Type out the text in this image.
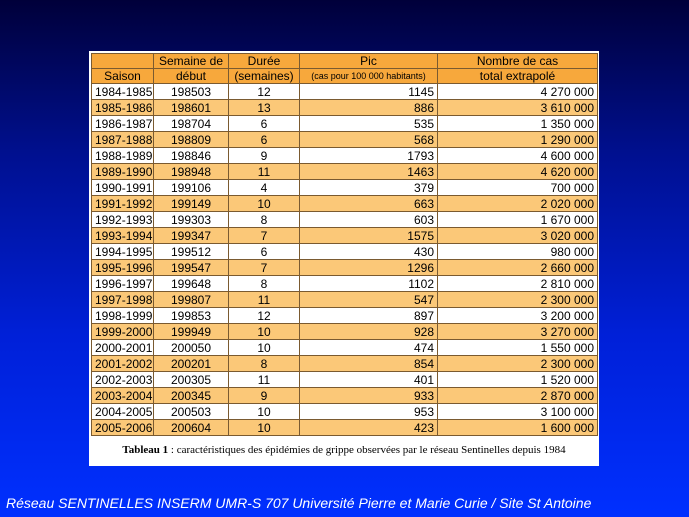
	Semaine de	Durée	Pic	Nombre de cas
Saison	début	(semaines)	(cas pour 100 000 habitants)	total extrapolé
1984-1985	198503	12	1145	4 270 000
1985-1986	198601	13	886	3 610 000
1986-1987	198704	6	535	1 350 000
1987-1988	198809	6	568	1 290 000
1988-1989	198846	9	1793	4 600 000
1989-1990	198948	11	1463	4 620 000
1990-1991	199106	4	379	700 000
1991-1992	199149	10	663	2 020 000
1992-1993	199303	8	603	1 670 000
1993-1994	199347	7	1575	3 020 000
1994-1995	199512	6	430	980 000
1995-1996	199547	7	1296	2 660 000
1996-1997	199648	8	1102	2 810 000
1997-1998	199807	11	547	2 300 000
1998-1999	199853	12	897	3 200 000
1999-2000	199949	10	928	3 270 000
2000-2001	200050	10	474	1 550 000
2001-2002	200201	8	854	2 300 000
2002-2003	200305	11	401	1 520 000
2003-2004	200345	9	933	2 870 000
2004-2005	200503	10	953	3 100 000
2005-2006	200604	10	423	1 600 000
Tableau 1 : caractéristiques des épidémies de grippe observées par le réseau Sentinelles depuis 1984
Réseau SENTINELLES INSERM UMR-S 707 Université Pierre et Marie Curie / Site St Antoine
